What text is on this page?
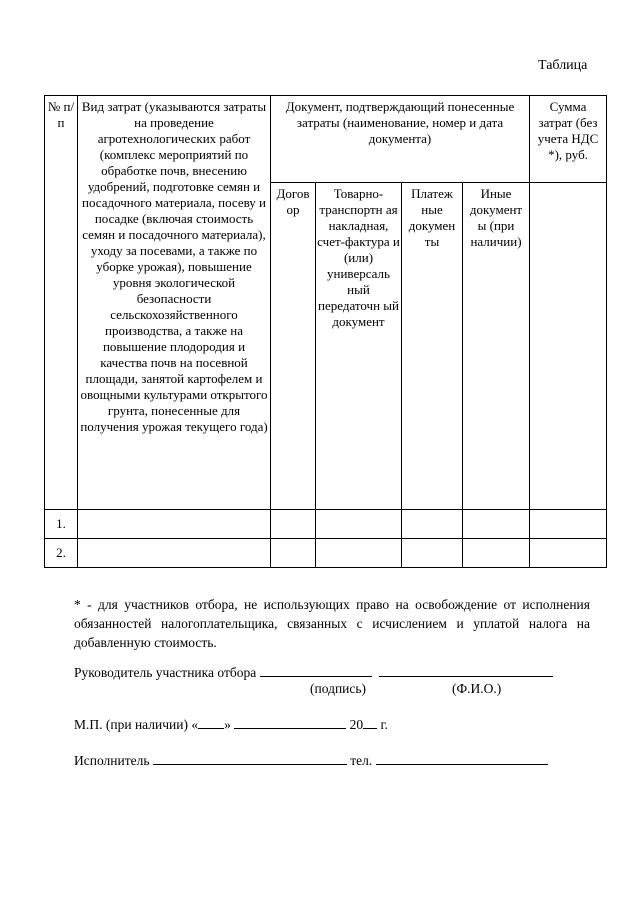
Таблица
№ п/п	Вид затрат (указываются затраты на проведение агротехнологических работ (комплекс мероприятий по обработке почв, внесению удобрений, подготовке семян и посадочного материала, посеву и посадке (включая стоимость семян и посадочного материала), уходу за посевами, а также по уборке урожая), повышение уровня экологической безопасности сельскохозяйственного производства, а также на повышение плодородия и качества почв на посевной площади, занятой картофелем и овощными культурами открытого грунта, понесенные для получения урожая текущего года)	Документ, подтверждающий понесенные затраты (наименование, номер и дата документа)				Сумма затрат (без учета НДС *), руб.
		Догов ор	Товарно-транспортн ая накладная, счет-фактура и (или) универсаль ный передаточн ый документ	Платеж ные докумен ты	Иные документ ы (при наличии)	
1.						
2.						
* - для участников отбора, не использующих право на освобождение от исполнения обязанностей налогоплательщика, связанных с исчислением и уплатой налога на добавленную стоимость.
Руководитель участника отбора
(подпись)	(Ф.И.О.)
М.П. (при наличии) « »	20 г.
Исполнитель	тел.
